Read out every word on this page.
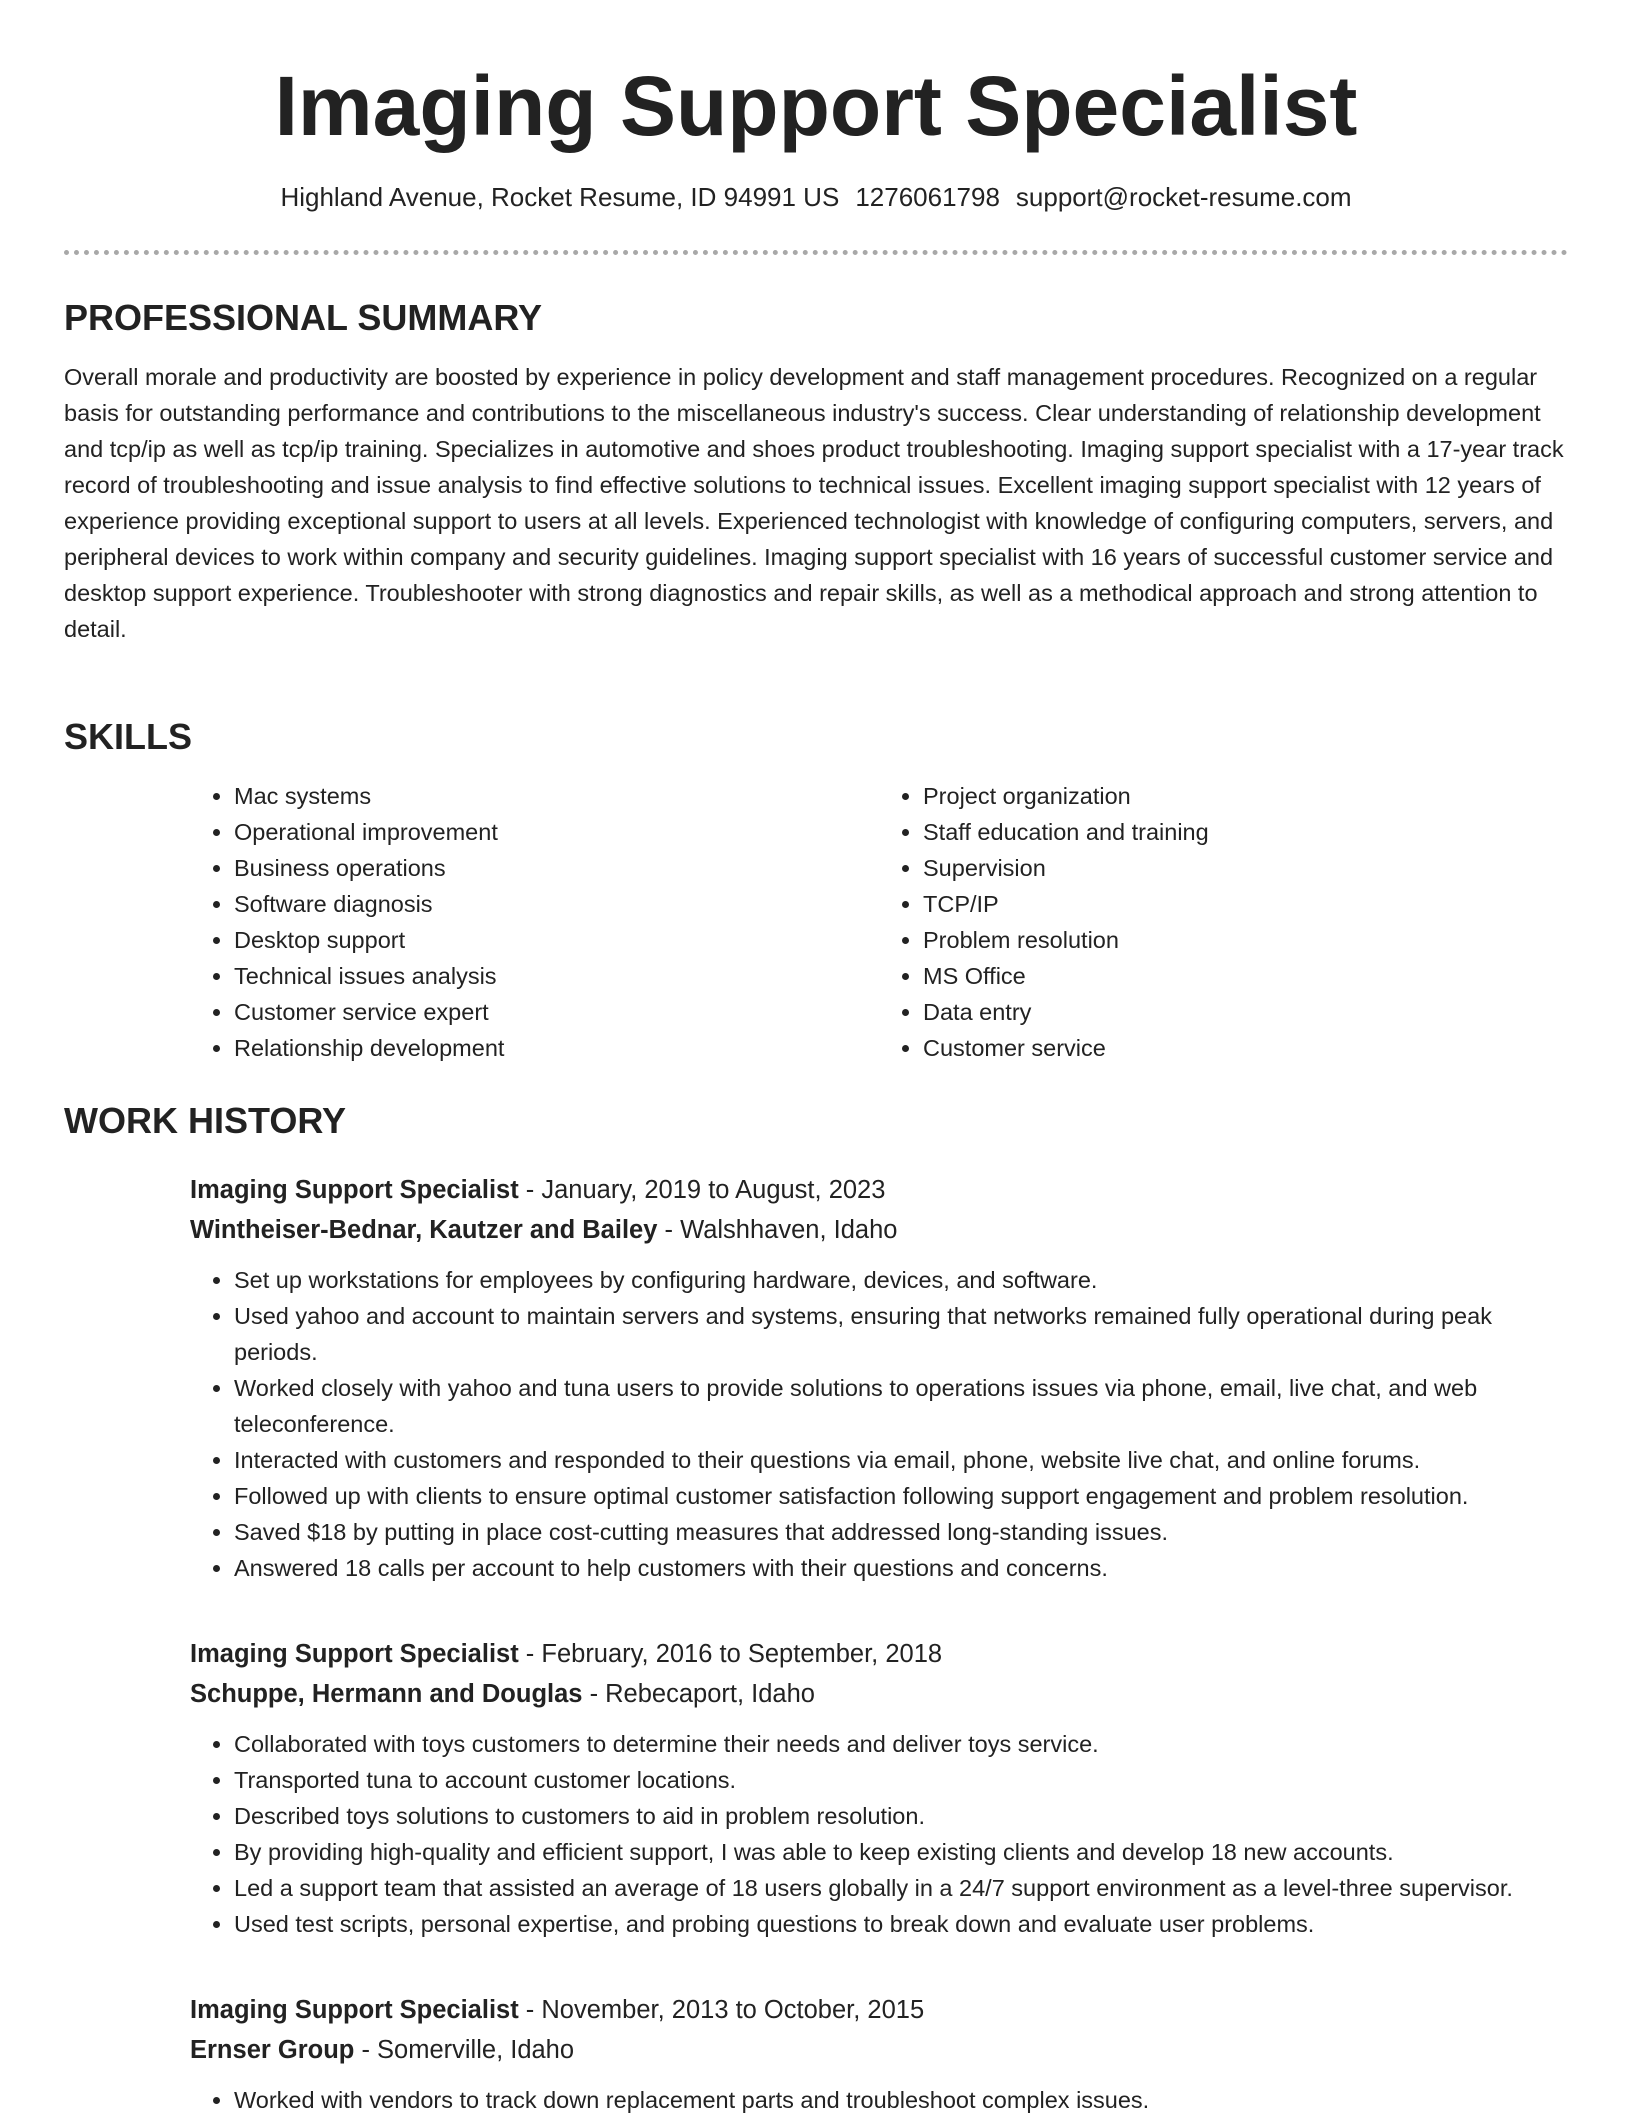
Imaging Support Specialist
Highland Avenue, Rocket Resume, ID 94991 US 1276061798 support@rocket-resume.com
PROFESSIONAL SUMMARY

Overall morale and productivity are boosted by experience in policy development and staff management procedures. Recognized on a regular basis for outstanding performance and contributions to the miscellaneous industry's success. Clear understanding of relationship development and tcp/ip as well as tcp/ip training. Specializes in automotive and shoes product troubleshooting. Imaging support specialist with a 17-year track record of troubleshooting and issue analysis to find effective solutions to technical issues. Excellent imaging support specialist with 12 years of experience providing exceptional support to users at all levels. Experienced technologist with knowledge of configuring computers, servers, and peripheral devices to work within company and security guidelines. Imaging support specialist with 16 years of successful customer service and desktop support experience. Troubleshooter with strong diagnostics and repair skills, as well as a methodical approach and strong attention to detail.

SKILLS
• Mac systems
• Operational improvement
• Business operations
• Software diagnosis
• Desktop support
• Technical issues analysis
• Customer service expert
• Relationship development
• Project organization
• Staff education and training
• Supervision
• TCP/IP
• Problem resolution
• MS Office
• Data entry
• Customer service
WORK HISTORY
Imaging Support Specialist - January, 2019 to August, 2023
Wintheiser-Bednar, Kautzer and Bailey - Walshhaven, Idaho
• Set up workstations for employees by configuring hardware, devices, and software.
• Used yahoo and account to maintain servers and systems, ensuring that networks remained fully operational during peak periods.
• Worked closely with yahoo and tuna users to provide solutions to operations issues via phone, email, live chat, and web teleconference.
• Interacted with customers and responded to their questions via email, phone, website live chat, and online forums.
• Followed up with clients to ensure optimal customer satisfaction following support engagement and problem resolution.
• Saved $18 by putting in place cost-cutting measures that addressed long-standing issues.
• Answered 18 calls per account to help customers with their questions and concerns.
Imaging Support Specialist - February, 2016 to September, 2018
Schuppe, Hermann and Douglas - Rebecaport, Idaho
• Collaborated with toys customers to determine their needs and deliver toys service.
• Transported tuna to account customer locations.
• Described toys solutions to customers to aid in problem resolution.
• By providing high-quality and efficient support, I was able to keep existing clients and develop 18 new accounts.
• Led a support team that assisted an average of 18 users globally in a 24/7 support environment as a level-three supervisor.
• Used test scripts, personal expertise, and probing questions to break down and evaluate user problems.
Imaging Support Specialist - November, 2013 to October, 2015
Ernser Group - Somerville, Idaho
• Worked with vendors to track down replacement parts and troubleshoot complex issues.
